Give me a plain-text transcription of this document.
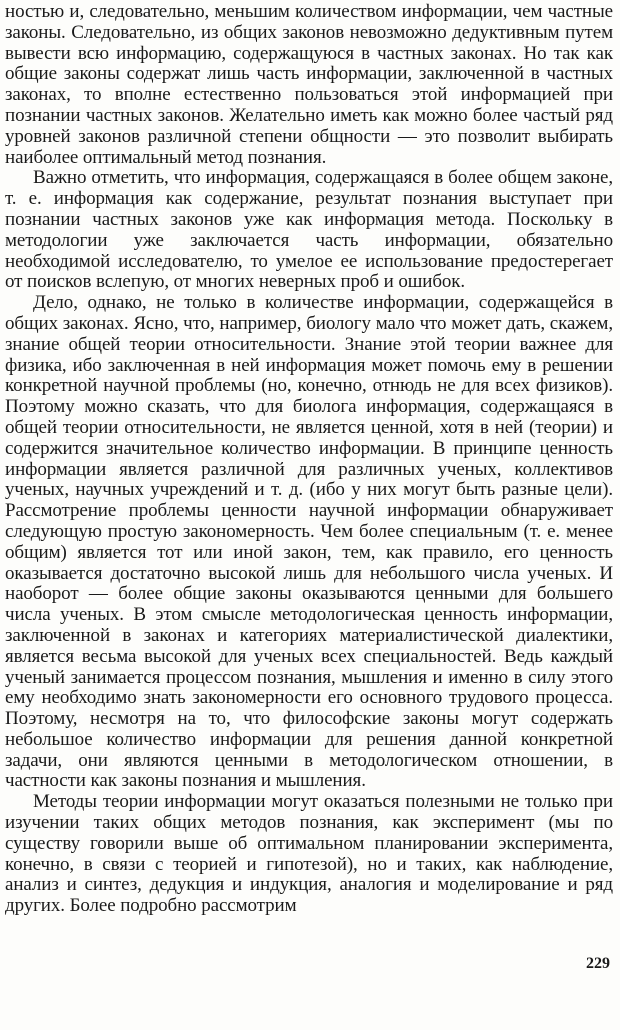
ностью и, следовательно, меньшим количеством информации, чем частные законы. Следовательно, из общих законов невозможно дедуктивным путем вывести всю информацию, содержащуюся в частных законах. Но так как общие законы содержат лишь часть информации, заключенной в частных законах, то вполне естественно пользоваться этой информацией при познании частных законов. Желательно иметь как можно более частый ряд уровней законов различной степени общности — это позволит выбирать наиболее оптимальный метод познания.

Важно отметить, что информация, содержащаяся в более общем законе, т. е. информация как содержание, результат познания выступает при познании частных законов уже как информация метода. Поскольку в методологии уже заключается часть информации, обязательно необходимой исследователю, то умелое ее использование предостерегает от поисков вслепую, от многих неверных проб и ошибок.

Дело, однако, не только в количестве информации, содержащейся в общих законах. Ясно, что, например, биологу мало что может дать, скажем, знание общей теории относительности. Знание этой теории важнее для физика, ибо заключенная в ней информация может помочь ему в решении конкретной научной проблемы (но, конечно, отнюдь не для всех физиков). Поэтому можно сказать, что для биолога информация, содержащаяся в общей теории относительности, не является ценной, хотя в ней (теории) и содержится значительное количество информации. В принципе ценность информации является различной для различных ученых, коллективов ученых, научных учреждений и т. д. (ибо у них могут быть разные цели). Рассмотрение проблемы ценности научной информации обнаруживает следующую простую закономерность. Чем более специальным (т. е. менее общим) является тот или иной закон, тем, как правило, его ценность оказывается достаточно высокой лишь для небольшого числа ученых. И наоборот — более общие законы оказываются ценными для большего числа ученых. В этом смысле методологическая ценность информации, заключенной в законах и категориях материалистической диалектики, является весьма высокой для ученых всех специальностей. Ведь каждый ученый занимается процессом познания, мышления и именно в силу этого ему необходимо знать закономерности его основного трудового процесса. Поэтому, несмотря на то, что философские законы могут содержать небольшое количество информации для решения данной конкретной задачи, они являются ценными в методологическом отношении, в частности как законы познания и мышления.

Методы теории информации могут оказаться полезными не только при изучении таких общих методов познания, как эксперимент (мы по существу говорили выше об оптимальном планировании эксперимента, конечно, в связи с теорией и гипотезой), но и таких, как наблюдение, анализ и синтез, дедукция и индукция, аналогия и моделирование и ряд других. Более подробно рассмотрим

229
